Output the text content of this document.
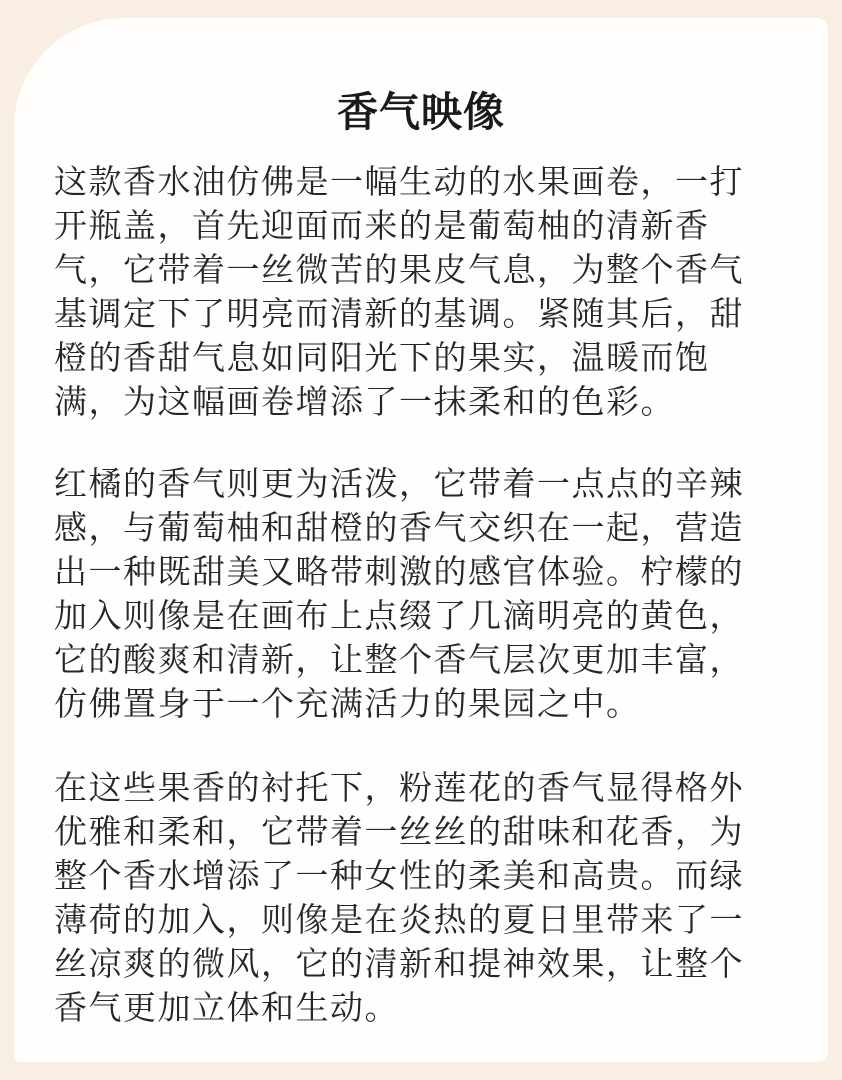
香气映像

这款香水油仿佛是一幅生动的水果画卷，一打开瓶盖，首先迎面而来的是葡萄柚的清新香气，它带着一丝微苦的果皮气息，为整个香气基调定下了明亮而清新的基调。紧随其后，甜橙的香甜气息如同阳光下的果实，温暖而饱满，为这幅画卷增添了一抹柔和的色彩。

红橘的香气则更为活泼，它带着一点点的辛辣感，与葡萄柚和甜橙的香气交织在一起，营造出一种既甜美又略带刺激的感官体验。柠檬的加入则像是在画布上点缀了几滴明亮的黄色，它的酸爽和清新，让整个香气层次更加丰富，仿佛置身于一个充满活力的果园之中。

在这些果香的衬托下，粉莲花的香气显得格外优雅和柔和，它带着一丝丝的甜味和花香，为整个香水增添了一种女性的柔美和高贵。而绿薄荷的加入，则像是在炎热的夏日里带来了一丝凉爽的微风，它的清新和提神效果，让整个香气更加立体和生动。
